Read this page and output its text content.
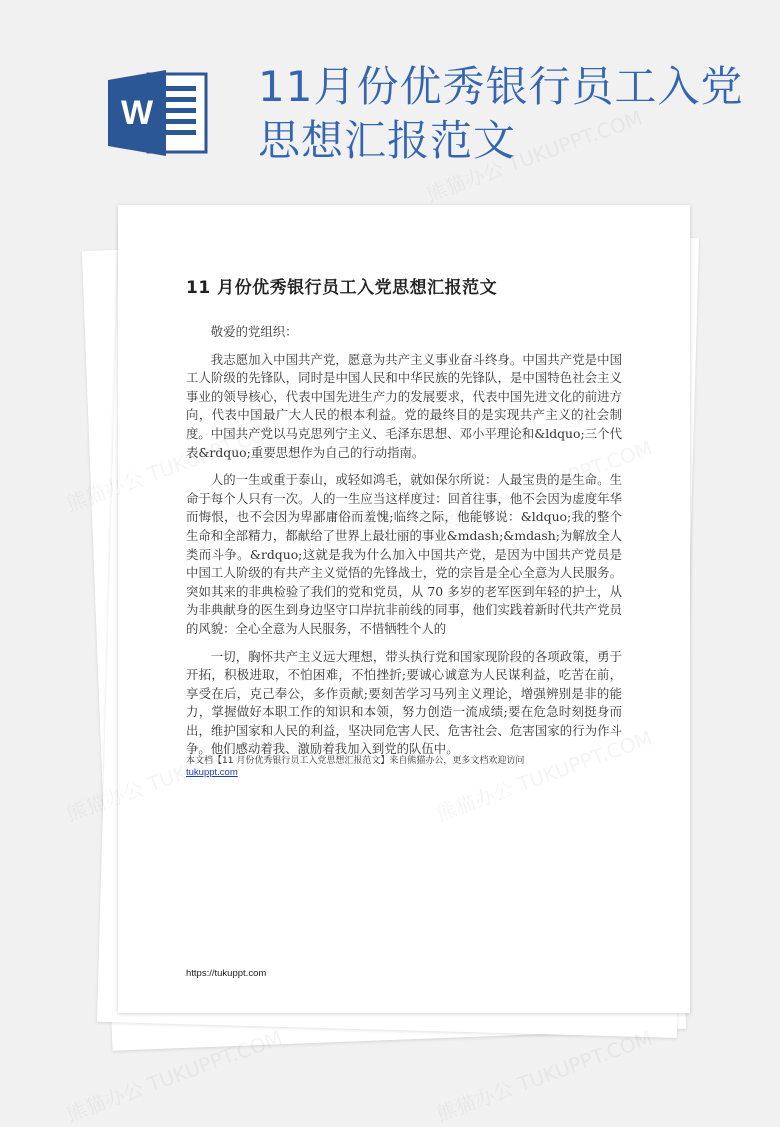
W
11月份优秀银行员工入党思想汇报范文
11 月份优秀银行员工入党思想汇报范文

敬爱的党组织：

我志愿加入中国共产党，愿意为共产主义事业奋斗终身。中国共产党是中国工人阶级的先锋队，同时是中国人民和中华民族的先锋队，是中国特色社会主义事业的领导核心，代表中国先进生产力的发展要求，代表中国先进文化的前进方向，代表中国最广大人民的根本利益。党的最终目的是实现共产主义的社会制度。中国共产党以马克思列宁主义、毛泽东思想、邓小平理论和&ldquo;三个代表&rdquo;重要思想作为自己的行动指南。

人的一生或重于泰山，或轻如鸿毛，就如保尔所说：人最宝贵的是生命。生命于每个人只有一次。人的一生应当这样度过：回首往事，他不会因为虚度年华而悔恨，也不会因为卑鄙庸俗而羞愧;临终之际，他能够说：&ldquo;我的整个生命和全部精力，都献给了世界上最壮丽的事业&mdash;&mdash;为解放全人类而斗争。&rdquo;这就是我为什么加入中国共产党，是因为中国共产党员是中国工人阶级的有共产主义觉悟的先锋战士，党的宗旨是全心全意为人民服务。突如其来的非典检验了我们的党和党员，从 70 多岁的老军医到年轻的护士，从为非典献身的医生到身边坚守口岸抗非前线的同事，他们实践着新时代共产党员的风貌：全心全意为人民服务，不惜牺牲个人的

一切，胸怀共产主义远大理想，带头执行党和国家现阶段的各项政策，勇于开拓，积极进取，不怕困难，不怕挫折;要诚心诚意为人民谋利益，吃苦在前，享受在后，克己奉公，多作贡献;要刻苦学习马列主义理论，增强辨别是非的能力，掌握做好本职工作的知识和本领，努力创造一流成绩;要在危急时刻挺身而出，维护国家和人民的利益，坚决同危害人民、危害社会、危害国家的行为作斗争。他们感动着我、激励着我加入到党的队伍中。

本文档【11 月份优秀银行员工入党思想汇报范文】来自熊猫办公，更多文档欢迎访问
tukuppt.com
https://tukuppt.com
